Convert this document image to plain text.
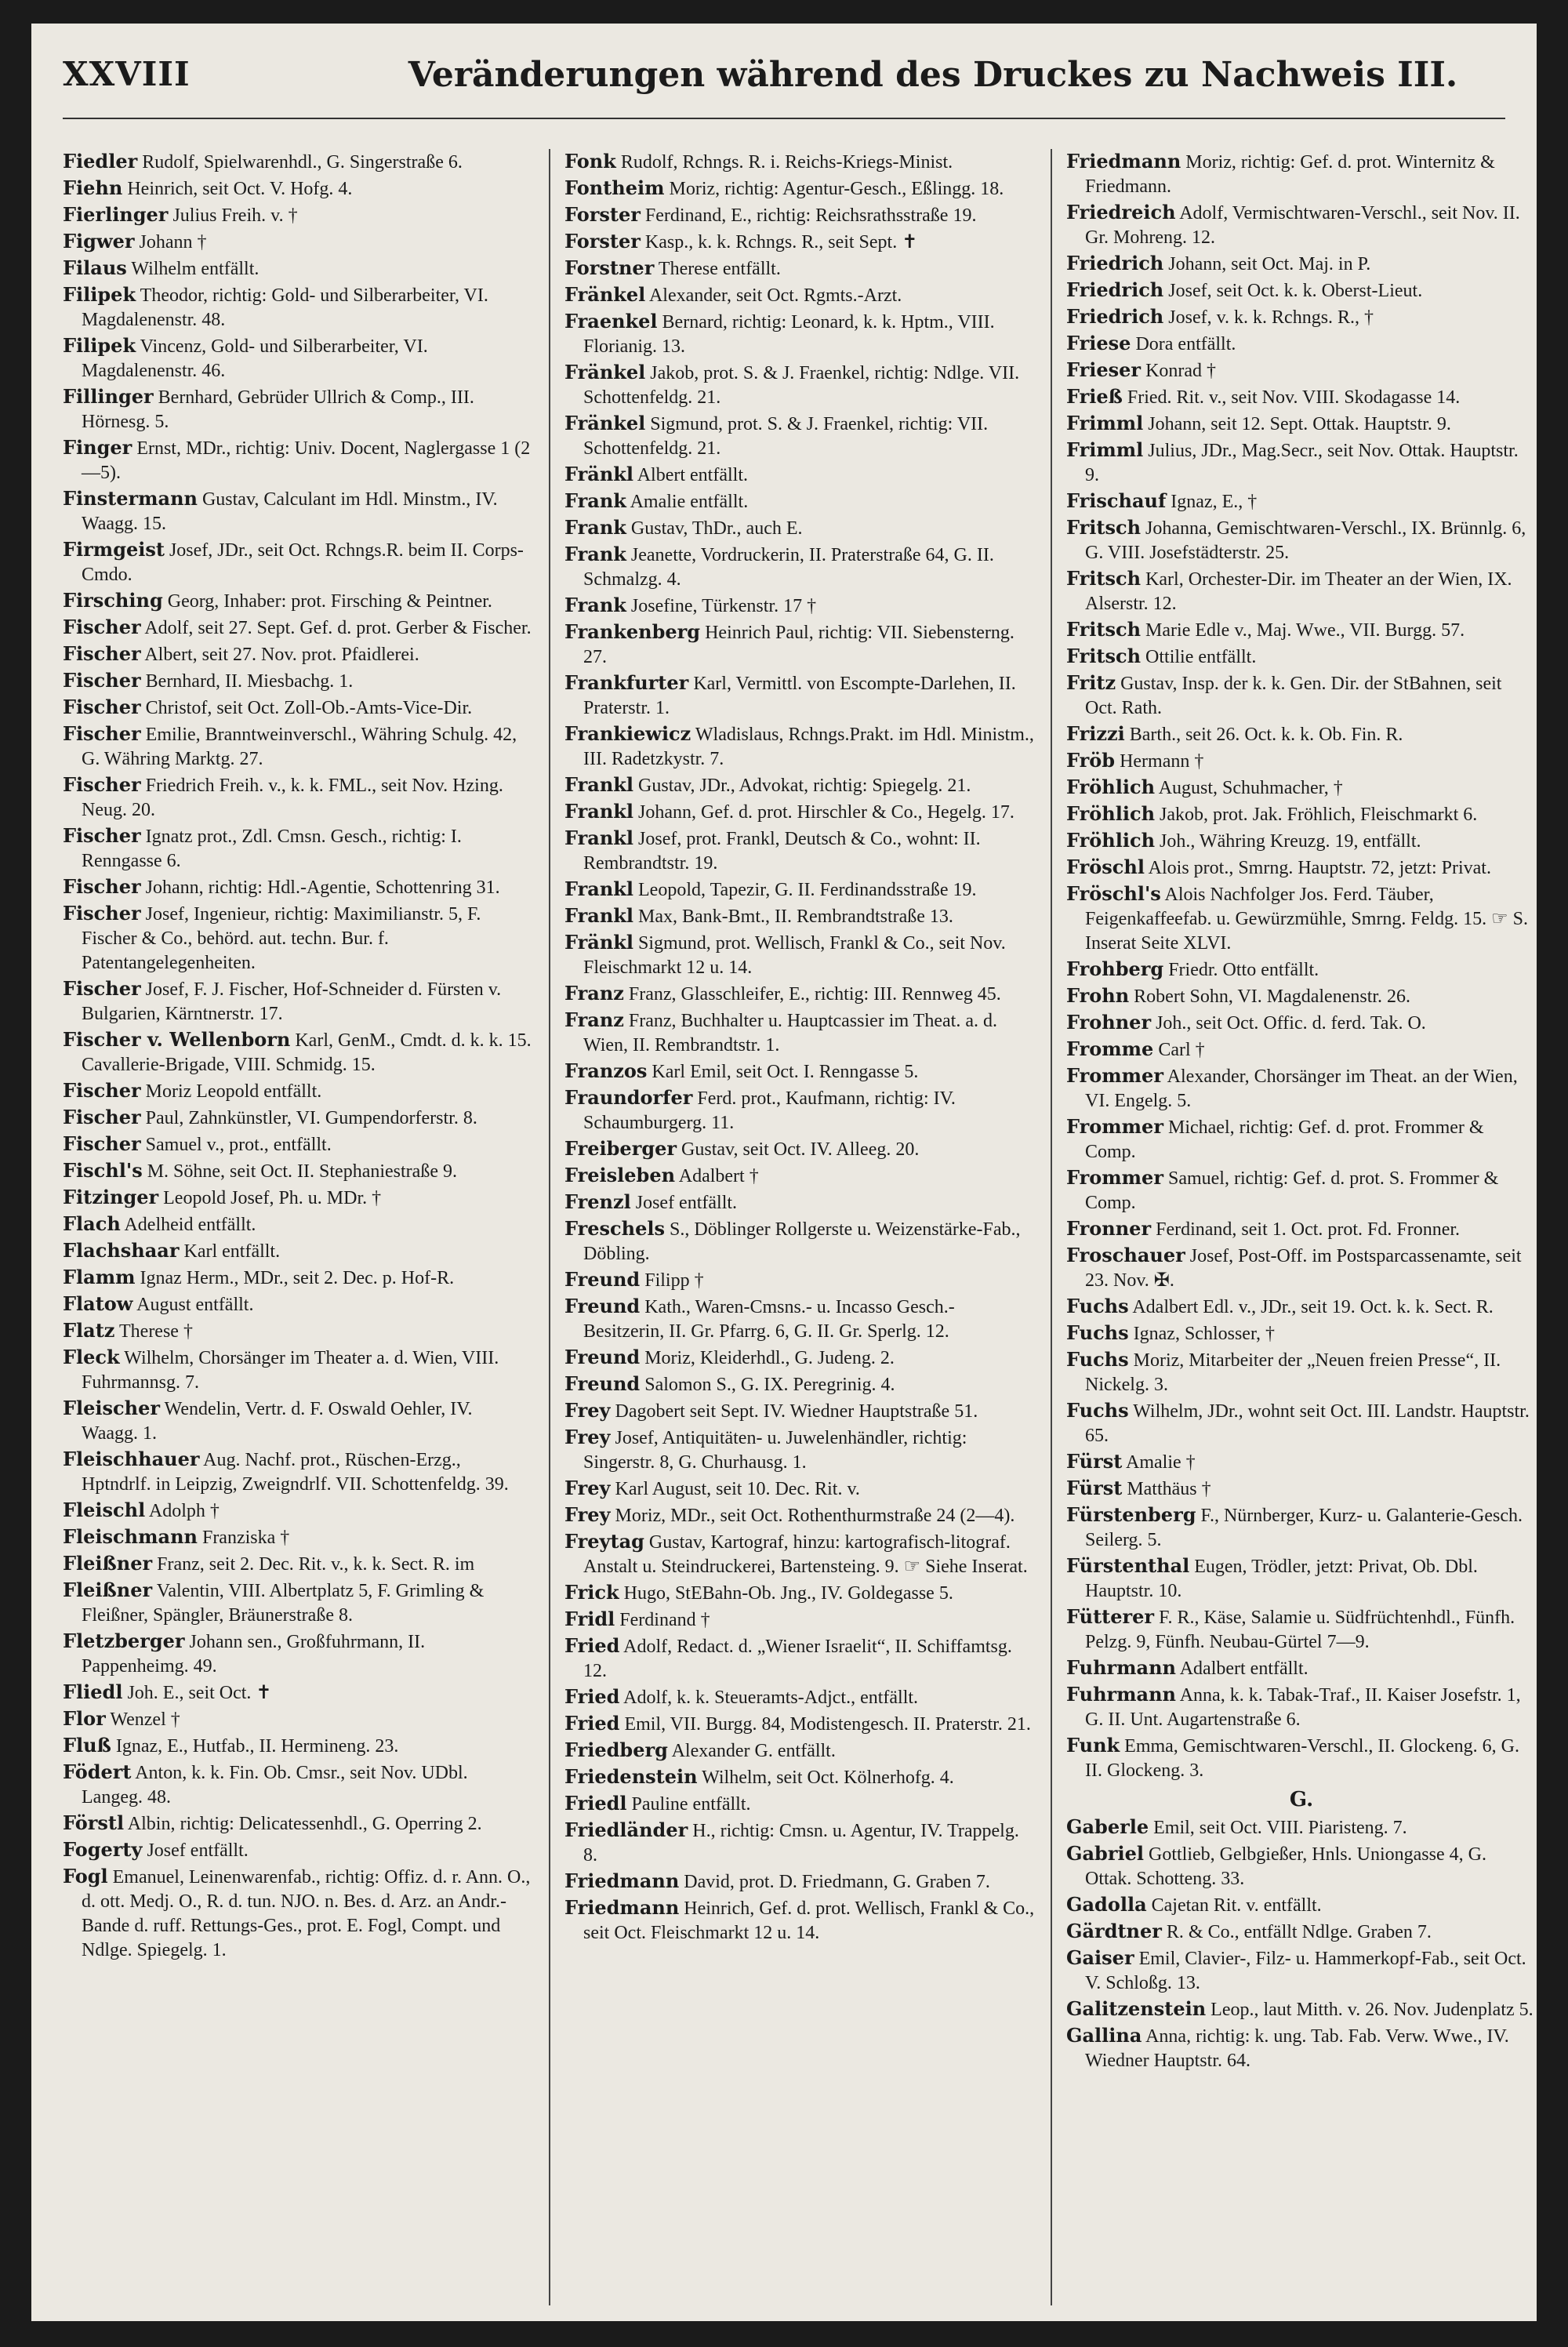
XXVIII	Veränderungen während des Druckes zu Nachweis III.
Fiedler Rudolf, Spielwarenhdl., G. Singerstraße 6.
Fiehn Heinrich, seit Oct. V. Hofg. 4.
Fierlinger Julius Freih. v. †
Figwer Johann †
Filaus Wilhelm entfällt.
Filipek Theodor, richtig: Gold- und Silberarbeiter, VI. Magdalenenstr. 48.
Filipek Vincenz, Gold- und Silberarbeiter, VI. Magdalenenstr. 46.
Fillinger Bernhard, Gebrüder Ullrich & Comp., III. Hörnesg. 5.
Finger Ernst, MDr., richtig: Univ. Docent, Naglergasse 1 (2—5).
Finstermann Gustav, Calculant im Hdl. Minstm., IV. Waagg. 15.
Firmgeist Josef, JDr., seit Oct. Rchngs.R. beim II. Corps-Cmdo.
Firsching Georg, Inhaber: prot. Firsching & Peintner.
Fischer Adolf, seit 27. Sept. Gef. d. prot. Gerber & Fischer.
Fischer Albert, seit 27. Nov. prot. Pfaidlerei.
Fischer Bernhard, II. Miesbachg. 1.
Fischer Christof, seit Oct. Zoll-Ob.-Amts-Vice-Dir.
Fischer Emilie, Branntweinverschl., Währing Schulg. 42, G. Währing Marktg. 27.
Fischer Friedrich Freih. v., k. k. FML., seit Nov. Hzing. Neug. 20.
Fischer Ignatz prot., Zdl. Cmsn. Gesch., richtig: I. Renngasse 6.
Fischer Johann, richtig: Hdl.-Agentie, Schottenring 31.
Fischer Josef, Ingenieur, richtig: Maximilianstr. 5, F. Fischer & Co., behörd. aut. techn. Bur. f. Patentangelegenheiten.
Fischer Josef, F. J. Fischer, Hof-Schneider d. Fürsten v. Bulgarien, Kärntnerstr. 17.
Fischer v. Wellenborn Karl, GenM., Cmdt. d. k. k. 15. Cavallerie-Brigade, VIII. Schmidg. 15.
Fischer Moriz Leopold entfällt.
Fischer Paul, Zahnkünstler, VI. Gumpendorferstr. 8.
Fischer Samuel v., prot., entfällt.
Fischl's M. Söhne, seit Oct. II. Stephaniestraße 9.
Fitzinger Leopold Josef, Ph. u. MDr. †
Flach Adelheid entfällt.
Flachshaar Karl entfällt.
Flamm Ignaz Herm., MDr., seit 2. Dec. p. Hof-R.
Flatow August entfällt.
Flatz Therese †
Fleck Wilhelm, Chorsänger im Theater a. d. Wien, VIII. Fuhrmannsg. 7.
Fleischer Wendelin, Vertr. d. F. Oswald Oehler, IV. Waagg. 1.
Fleischhauer Aug. Nachf. prot., Rüschen-Erzg., Hptndrlf. in Leipzig, Zweigndrlf. VII. Schottenfeldg. 39.
Fleischl Adolph †
Fleischmann Franziska †
Fleißner Franz, seit 2. Dec. Rit. v., k. k. Sect. R. im
Fleißner Valentin, VIII. Albertplatz 5, F. Grimling & Fleißner, Spängler, Bräunerstraße 8.
Fletzberger Johann sen., Großfuhrmann, II. Pappenheimg. 49.
Fliedl Joh. E., seit Oct. ✝
Flor Wenzel †
Fluß Ignaz, E., Hutfab., II. Hermineng. 23.
Födert Anton, k. k. Fin. Ob. Cmsr., seit Nov. UDbl. Langeg. 48.
Förstl Albin, richtig: Delicatessenhdl., G. Operring 2.
Fogerty Josef entfällt.
Fogl Emanuel, Leinenwarenfab., richtig: Offiz. d. r. Ann. O., d. ott. Medj. O., R. d. tun. NJO. n. Bes. d. Arz. an Andr.-Bande d. ruff. Rettungs-Ges., prot. E. Fogl, Compt. und Ndlge. Spiegelg. 1.
Fonk Rudolf, Rchngs. R. i. Reichs-Kriegs-Minist.
Fontheim Moriz, richtig: Agentur-Gesch., Eßlingg. 18.
Forster Ferdinand, E., richtig: Reichsrathsstraße 19.
Forster Kasp., k. k. Rchngs. R., seit Sept. ✝
Forstner Therese entfällt.
Fränkel Alexander, seit Oct. Rgmts.-Arzt.
Fraenkel Bernard, richtig: Leonard, k. k. Hptm., VIII. Florianig. 13.
Fränkel Jakob, prot. S. & J. Fraenkel, richtig: Ndlge. VII. Schottenfeldg. 21.
Fränkel Sigmund, prot. S. & J. Fraenkel, richtig: VII. Schottenfeldg. 21.
Fränkl Albert entfällt.
Frank Amalie entfällt.
Frank Gustav, ThDr., auch E.
Frank Jeanette, Vordruckerin, II. Praterstraße 64, G. II. Schmalzg. 4.
Frank Josefine, Türkenstr. 17 †
Frankenberg Heinrich Paul, richtig: VII. Siebensterng. 27.
Frankfurter Karl, Vermittl. von Escompte-Darlehen, II. Praterstr. 1.
Frankiewicz Wladislaus, Rchngs.Prakt. im Hdl. Ministm., III. Radetzkystr. 7.
Frankl Gustav, JDr., Advokat, richtig: Spiegelg. 21.
Frankl Johann, Gef. d. prot. Hirschler & Co., Hegelg. 17.
Frankl Josef, prot. Frankl, Deutsch & Co., wohnt: II. Rembrandtstr. 19.
Frankl Leopold, Tapezir, G. II. Ferdinandsstraße 19.
Frankl Max, Bank-Bmt., II. Rembrandtstraße 13.
Fränkl Sigmund, prot. Wellisch, Frankl & Co., seit Nov. Fleischmarkt 12 u. 14.
Franz Franz, Glasschleifer, E., richtig: III. Rennweg 45.
Franz Franz, Buchhalter u. Hauptcassier im Theat. a. d. Wien, II. Rembrandtstr. 1.
Franzos Karl Emil, seit Oct. I. Renngasse 5.
Fraundorfer Ferd. prot., Kaufmann, richtig: IV. Schaumburgerg. 11.
Freiberger Gustav, seit Oct. IV. Alleeg. 20.
Freisleben Adalbert †
Frenzl Josef entfällt.
Freschels S., Döblinger Rollgerste u. Weizenstärke-Fab., Döbling.
Freund Filipp †
Freund Kath., Waren-Cmsns.- u. Incasso Gesch.-Besitzerin, II. Gr. Pfarrg. 6, G. II. Gr. Sperlg. 12.
Freund Moriz, Kleiderhdl., G. Judeng. 2.
Freund Salomon S., G. IX. Peregrinig. 4.
Frey Dagobert seit Sept. IV. Wiedner Hauptstraße 51.
Frey Josef, Antiquitäten- u. Juwelenhändler, richtig: Singerstr. 8, G. Churhausg. 1.
Frey Karl August, seit 10. Dec. Rit. v.
Frey Moriz, MDr., seit Oct. Rothenthurmstraße 24 (2—4).
Freytag Gustav, Kartograf, hinzu: kartografisch-litograf. Anstalt u. Steindruckerei, Bartensteing. 9. ☞ Siehe Inserat.
Frick Hugo, StEBahn-Ob. Jng., IV. Goldegasse 5.
Fridl Ferdinand †
Fried Adolf, Redact. d. „Wiener Israelit“, II. Schiffamtsg. 12.
Fried Adolf, k. k. Steueramts-Adjct., entfällt.
Fried Emil, VII. Burgg. 84, Modistengesch. II. Praterstr. 21.
Friedberg Alexander G. entfällt.
Friedenstein Wilhelm, seit Oct. Kölnerhofg. 4.
Friedl Pauline entfällt.
Friedländer H., richtig: Cmsn. u. Agentur, IV. Trappelg. 8.
Friedmann David, prot. D. Friedmann, G. Graben 7.
Friedmann Heinrich, Gef. d. prot. Wellisch, Frankl & Co., seit Oct. Fleischmarkt 12 u. 14.
Friedmann Moriz, richtig: Gef. d. prot. Winternitz & Friedmann.
Friedreich Adolf, Vermischtwaren-Verschl., seit Nov. II. Gr. Mohreng. 12.
Friedrich Johann, seit Oct. Maj. in P.
Friedrich Josef, seit Oct. k. k. Oberst-Lieut.
Friedrich Josef, v. k. k. Rchngs. R., †
Friese Dora entfällt.
Frieser Konrad †
Frieß Fried. Rit. v., seit Nov. VIII. Skodagasse 14.
Frimml Johann, seit 12. Sept. Ottak. Hauptstr. 9.
Frimml Julius, JDr., Mag.Secr., seit Nov. Ottak. Hauptstr. 9.
Frischauf Ignaz, E., †
Fritsch Johanna, Gemischtwaren-Verschl., IX. Brünnlg. 6, G. VIII. Josefstädterstr. 25.
Fritsch Karl, Orchester-Dir. im Theater an der Wien, IX. Alserstr. 12.
Fritsch Marie Edle v., Maj. Wwe., VII. Burgg. 57.
Fritsch Ottilie entfällt.
Fritz Gustav, Insp. der k. k. Gen. Dir. der StBahnen, seit Oct. Rath.
Frizzi Barth., seit 26. Oct. k. k. Ob. Fin. R.
Fröb Hermann †
Fröhlich August, Schuhmacher, †
Fröhlich Jakob, prot. Jak. Fröhlich, Fleischmarkt 6.
Fröhlich Joh., Währing Kreuzg. 19, entfällt.
Fröschl Alois prot., Smrng. Hauptstr. 72, jetzt: Privat.
Fröschl's Alois Nachfolger Jos. Ferd. Täuber, Feigenkaffeefab. u. Gewürzmühle, Smrng. Feldg. 15. ☞ S. Inserat Seite XLVI.
Frohberg Friedr. Otto entfällt.
Frohn Robert Sohn, VI. Magdalenenstr. 26.
Frohner Joh., seit Oct. Offic. d. ferd. Tak. O.
Fromme Carl †
Frommer Alexander, Chorsänger im Theat. an der Wien, VI. Engelg. 5.
Frommer Michael, richtig: Gef. d. prot. Frommer & Comp.
Frommer Samuel, richtig: Gef. d. prot. S. Frommer & Comp.
Fronner Ferdinand, seit 1. Oct. prot. Fd. Fronner.
Froschauer Josef, Post-Off. im Postsparcassenamte, seit 23. Nov. ✠.
Fuchs Adalbert Edl. v., JDr., seit 19. Oct. k. k. Sect. R.
Fuchs Ignaz, Schlosser, †
Fuchs Moriz, Mitarbeiter der „Neuen freien Presse“, II. Nickelg. 3.
Fuchs Wilhelm, JDr., wohnt seit Oct. III. Landstr. Hauptstr. 65.
Fürst Amalie †
Fürst Matthäus †
Fürstenberg F., Nürnberger, Kurz- u. Galanterie-Gesch. Seilerg. 5.
Fürstenthal Eugen, Trödler, jetzt: Privat, Ob. Dbl. Hauptstr. 10.
Fütterer F. R., Käse, Salamie u. Südfrüchtenhdl., Fünfh. Pelzg. 9, Fünfh. Neubau-Gürtel 7—9.
Fuhrmann Adalbert entfällt.
Fuhrmann Anna, k. k. Tabak-Traf., II. Kaiser Josefstr. 1, G. II. Unt. Augartenstraße 6.
Funk Emma, Gemischtwaren-Verschl., II. Glockeng. 6, G. II. Glockeng. 3.
G.
Gaberle Emil, seit Oct. VIII. Piaristeng. 7.
Gabriel Gottlieb, Gelbgießer, Hnls. Uniongasse 4, G. Ottak. Schotteng. 33.
Gadolla Cajetan Rit. v. entfällt.
Gärdtner R. & Co., entfällt Ndlge. Graben 7.
Gaiser Emil, Clavier-, Filz- u. Hammerkopf-Fab., seit Oct. V. Schloßg. 13.
Galitzenstein Leop., laut Mitth. v. 26. Nov. Judenplatz 5.
Gallina Anna, richtig: k. ung. Tab. Fab. Verw. Wwe., IV. Wiedner Hauptstr. 64.
